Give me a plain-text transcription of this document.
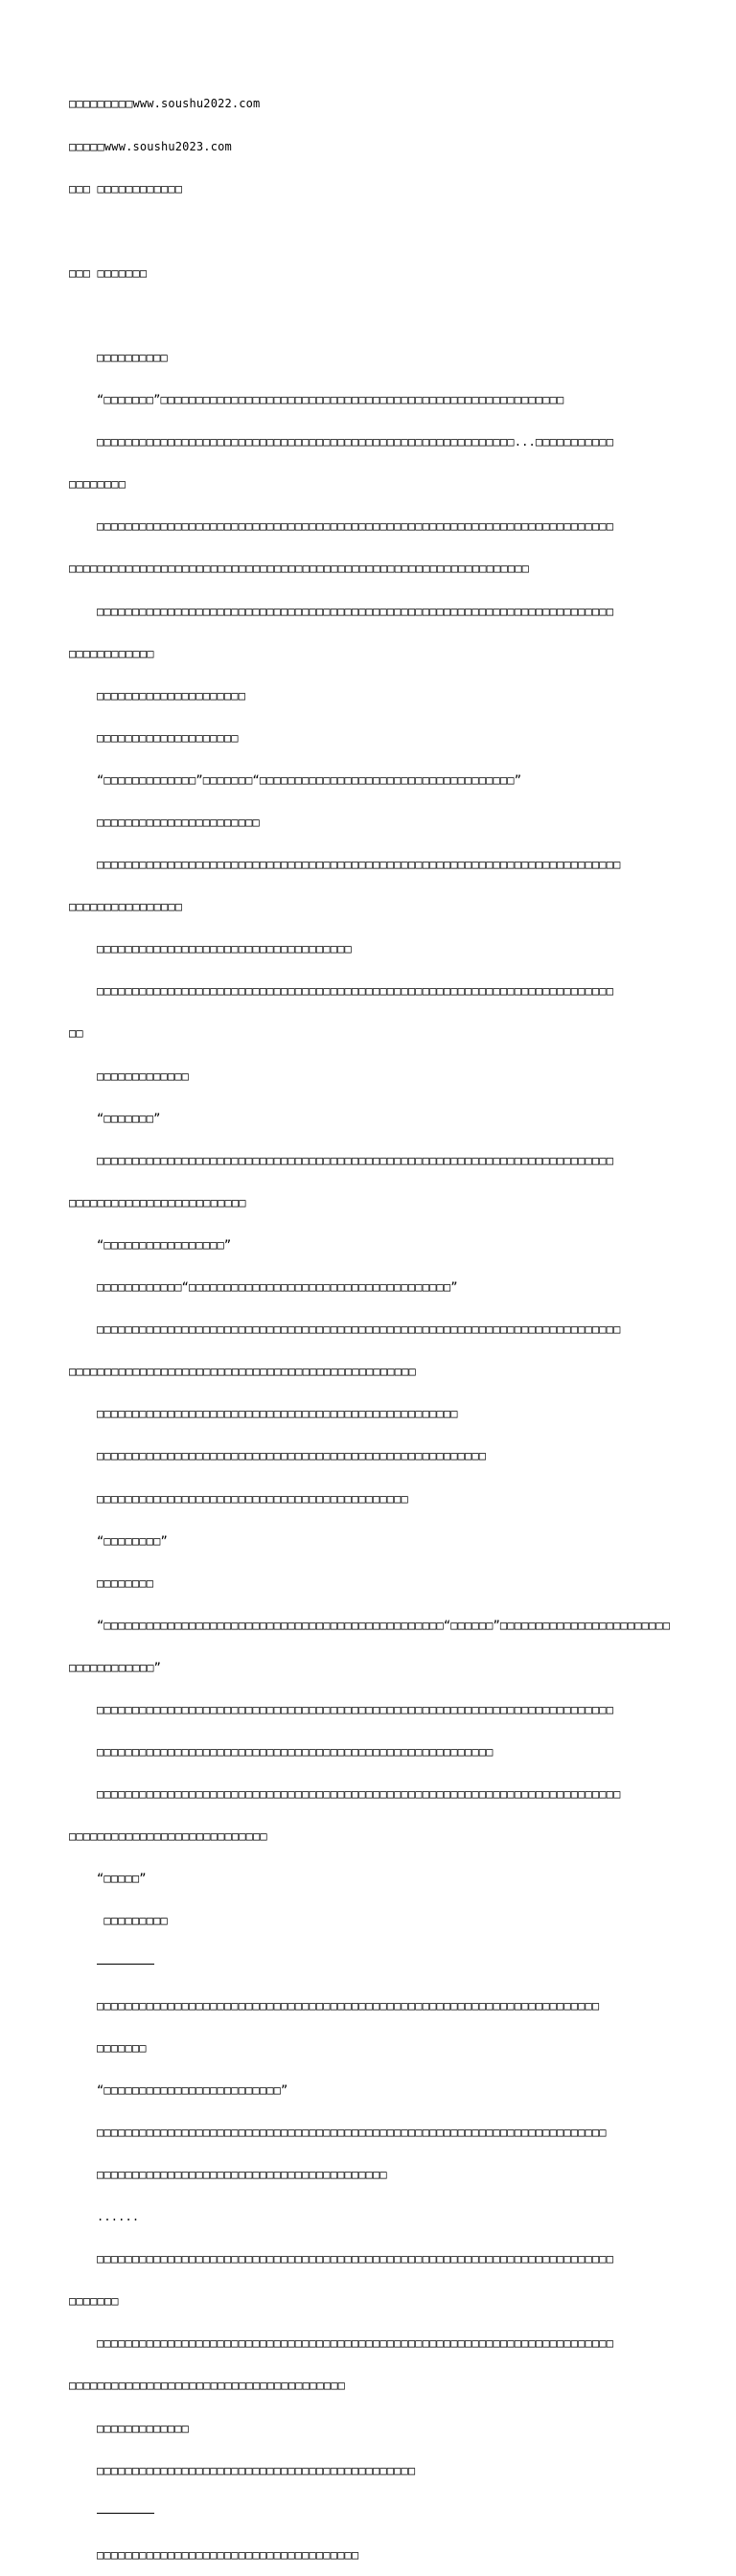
□□□□□□□□□www.soushu2022.com

□□□□□www.soushu2023.com

□□□ □□□□□□□□□□□□

□□□ □□□□□□□

□□□□□□□□□□

“□□□□□□□”□□□□□□□□□□□□□□□□□□□□□□□□□□□□□□□□□□□□□□□□□□□□□□□□□□□□□□□□□

□□□□□□□□□□□□□□□□□□□□□□□□□□□□□□□□□□□□□□□□□□□□□□□□□□□□□□□□□□□...□□□□□□□□□□□

□□□□□□□□

□□□□□□□□□□□□□□□□□□□□□□□□□□□□□□□□□□□□□□□□□□□□□□□□□□□□□□□□□□□□□□□□□□□□□□□□□

□□□□□□□□□□□□□□□□□□□□□□□□□□□□□□□□□□□□□□□□□□□□□□□□□□□□□□□□□□□□□□□□□

□□□□□□□□□□□□□□□□□□□□□□□□□□□□□□□□□□□□□□□□□□□□□□□□□□□□□□□□□□□□□□□□□□□□□□□□□

□□□□□□□□□□□□

□□□□□□□□□□□□□□□□□□□□□

□□□□□□□□□□□□□□□□□□□□

“□□□□□□□□□□□□□”□□□□□□□“□□□□□□□□□□□□□□□□□□□□□□□□□□□□□□□□□□□□”

□□□□□□□□□□□□□□□□□□□□□□□

□□□□□□□□□□□□□□□□□□□□□□□□□□□□□□□□□□□□□□□□□□□□□□□□□□□□□□□□□□□□□□□□□□□□□□□□□□

□□□□□□□□□□□□□□□□

□□□□□□□□□□□□□□□□□□□□□□□□□□□□□□□□□□□□

□□□□□□□□□□□□□□□□□□□□□□□□□□□□□□□□□□□□□□□□□□□□□□□□□□□□□□□□□□□□□□□□□□□□□□□□□

□□

□□□□□□□□□□□□□

“□□□□□□□”

□□□□□□□□□□□□□□□□□□□□□□□□□□□□□□□□□□□□□□□□□□□□□□□□□□□□□□□□□□□□□□□□□□□□□□□□□

□□□□□□□□□□□□□□□□□□□□□□□□□

“□□□□□□□□□□□□□□□□□”

□□□□□□□□□□□□“□□□□□□□□□□□□□□□□□□□□□□□□□□□□□□□□□□□□□”

□□□□□□□□□□□□□□□□□□□□□□□□□□□□□□□□□□□□□□□□□□□□□□□□□□□□□□□□□□□□□□□□□□□□□□□□□□

□□□□□□□□□□□□□□□□□□□□□□□□□□□□□□□□□□□□□□□□□□□□□□□□□

□□□□□□□□□□□□□□□□□□□□□□□□□□□□□□□□□□□□□□□□□□□□□□□□□□□

□□□□□□□□□□□□□□□□□□□□□□□□□□□□□□□□□□□□□□□□□□□□□□□□□□□□□□□

□□□□□□□□□□□□□□□□□□□□□□□□□□□□□□□□□□□□□□□□□□□□

“□□□□□□□□”

□□□□□□□□

“□□□□□□□□□□□□□□□□□□□□□□□□□□□□□□□□□□□□□□□□□□□□□□□□“□□□□□□”□□□□□□□□□□□□□□□□□□□□□□□□

□□□□□□□□□□□□”

□□□□□□□□□□□□□□□□□□□□□□□□□□□□□□□□□□□□□□□□□□□□□□□□□□□□□□□□□□□□□□□□□□□□□□□□□

□□□□□□□□□□□□□□□□□□□□□□□□□□□□□□□□□□□□□□□□□□□□□□□□□□□□□□□□

□□□□□□□□□□□□□□□□□□□□□□□□□□□□□□□□□□□□□□□□□□□□□□□□□□□□□□□□□□□□□□□□□□□□□□□□□□

□□□□□□□□□□□□□□□□□□□□□□□□□□□□

“□□□□□”

□□□□□□□□□

□□□□□□□□□□□□□□□□□□□□□□□□□□□□□□□□□□□□□□□□□□□□□□□□□□□□□□□□□□□□□□□□□□□□□□□

□□□□□□□

“□□□□□□□□□□□□□□□□□□□□□□□□□”

□□□□□□□□□□□□□□□□□□□□□□□□□□□□□□□□□□□□□□□□□□□□□□□□□□□□□□□□□□□□□□□□□□□□□□□□

□□□□□□□□□□□□□□□□□□□□□□□□□□□□□□□□□□□□□□□□□

......

□□□□□□□□□□□□□□□□□□□□□□□□□□□□□□□□□□□□□□□□□□□□□□□□□□□□□□□□□□□□□□□□□□□□□□□□□

□□□□□□□

□□□□□□□□□□□□□□□□□□□□□□□□□□□□□□□□□□□□□□□□□□□□□□□□□□□□□□□□□□□□□□□□□□□□□□□□□

□□□□□□□□□□□□□□□□□□□□□□□□□□□□□□□□□□□□□□□

□□□□□□□□□□□□□

□□□□□□□□□□□□□□□□□□□□□□□□□□□□□□□□□□□□□□□□□□□□□

□□□□□□□□□□□□□□□□□□□□□□□□□□□□□□□□□□□□□
